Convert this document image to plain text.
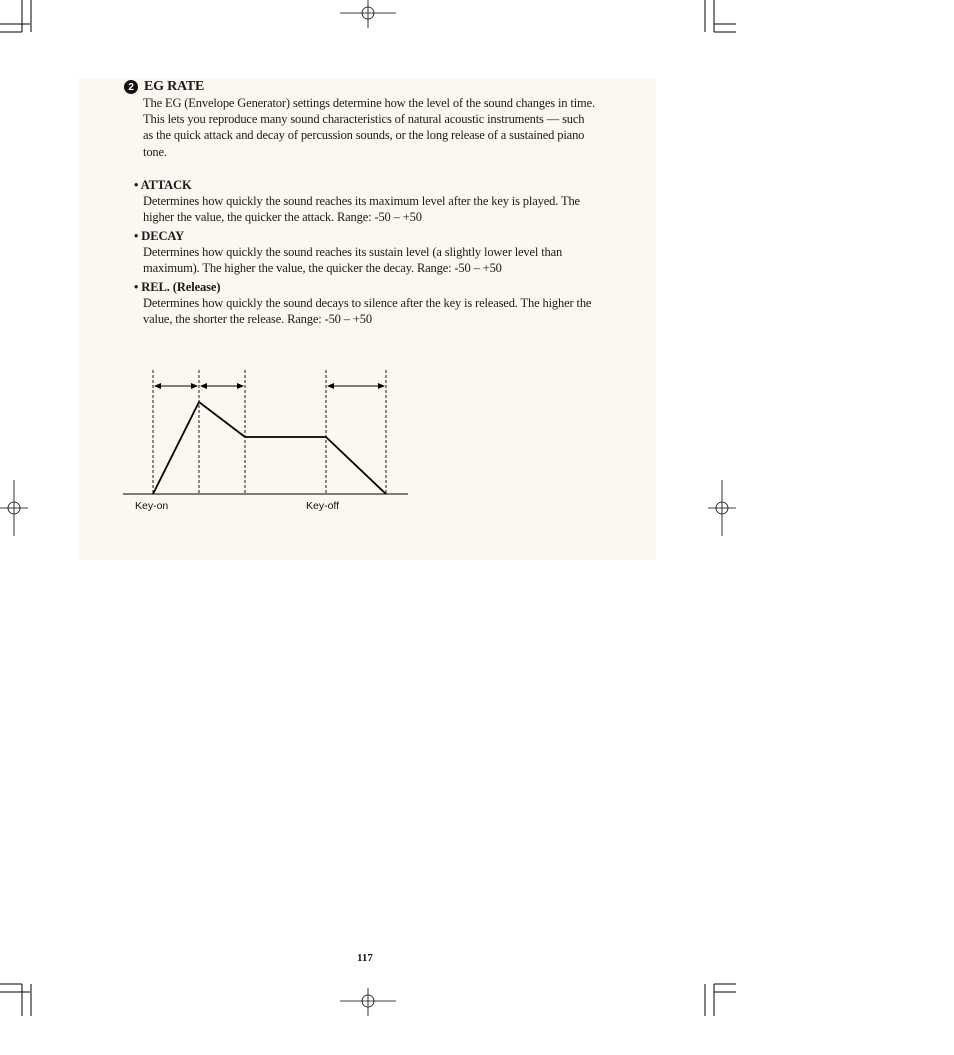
2 EG RATE
The EG (Envelope Generator) settings determine how the level of the sound changes in time.
This lets you reproduce many sound characteristics of natural acoustic instruments — such
as the quick attack and decay of percussion sounds, or the long release of a sustained piano
tone.
• ATTACK
Determines how quickly the sound reaches its maximum level after the key is played. The
higher the value, the quicker the attack. Range: -50 – +50
• DECAY
Determines how quickly the sound reaches its sustain level (a slightly lower level than
maximum). The higher the value, the quicker the decay. Range: -50 – +50
• REL. (Release)
Determines how quickly the sound decays to silence after the key is released. The higher the
value, the shorter the release. Range: -50 – +50
Key-on	Key-off
117
